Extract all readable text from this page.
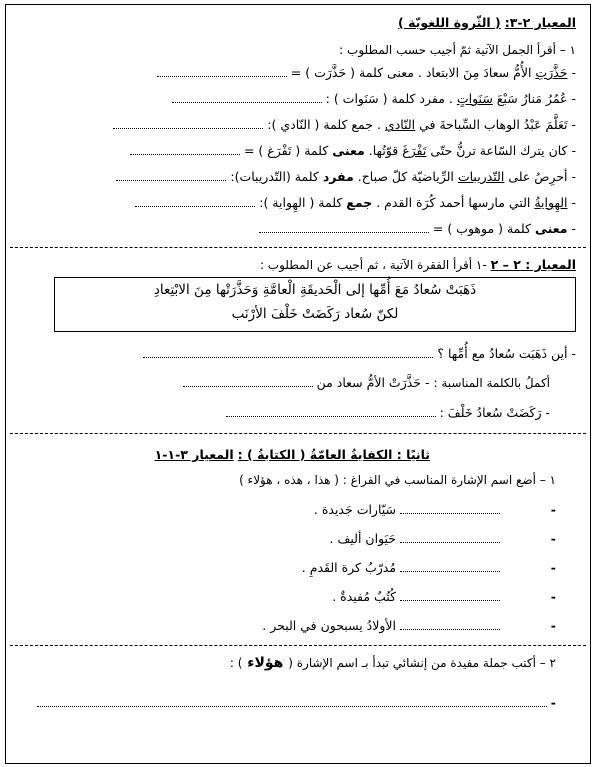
المعيار ٢-٣: ( الثّروة اللغويّة )
١ – أقرأ الجمل الآتية ثمّ أجيب حسب المطلوب :
- حَذَّرَتِ الأُمُّ سعادَ مِنَ الابتعاد . معنى كلمة ( حَذَّرَت ) =
- عُمُرُ مَنارُ سَبْعَ سَنَواتٍ . مفرد كلمة ( سَنَوات ) :
- تَعَلَّمَ عَبْدُ الوهاب السِّباحةَ في النّادي . جمع كلمة ( النّادي ):
- كان يترك السّاعة ترنُّ حتّى تَفْرَغَ قوّتُها. معنى كلمة ( تَفْرَغ ) =
- أحرِصُ على التّدريبات الرِّياضيّة كلّ صباح. مفرد كلمة (التّدريبات):
- الهِوايةُ التي مارسها أحمد كُرَة القدم . جمع كلمة ( الهِواية ):
- معنى كلمة ( موهوب ) =
المعيار : ٢ – ٢ -١ أقرأ الفقرة الآتية ، ثم أجيب عن المطلوب :
ذَهَبَتْ سُعادُ مَعَ أُمِّها إلى الْحَديقَةِ الْعامَّةِ وَحَذَّرَتْها مِنَ الابْتِعادِ
لكنّ سُعاد رَكَضَتْ خَلْفَ الأرْنَب
- أين ذَهَبَت سُعادُ مع أُمِّها ؟
أكملُ بالكلمة المناسبة : - حَذَّرَتْ الأمُّ سعاد من
- رَكَضَتْ سُعادُ خَلْفَ :
ثانيًا : الكفايةُ العامّةُ ( الكتابةُ ) : المعيار ٣-١-١
١ – أضع اسم الإشارة المناسب في الفراغ : ( هذا ، هذه ، هؤلاء )
-  سَيّارات جَديدة .
-  حَيَوان أليف .
-  مُدرّبُ كرة القَدمِ .
-  كُتُبٌ مُفيدةٌ .
-  الأولادُ يسبحون في البحر .
٢ – أكتب جملة مفيدة من إنشائي تبدأ بـ اسم الإشارة ( هؤلاء ) :
-
